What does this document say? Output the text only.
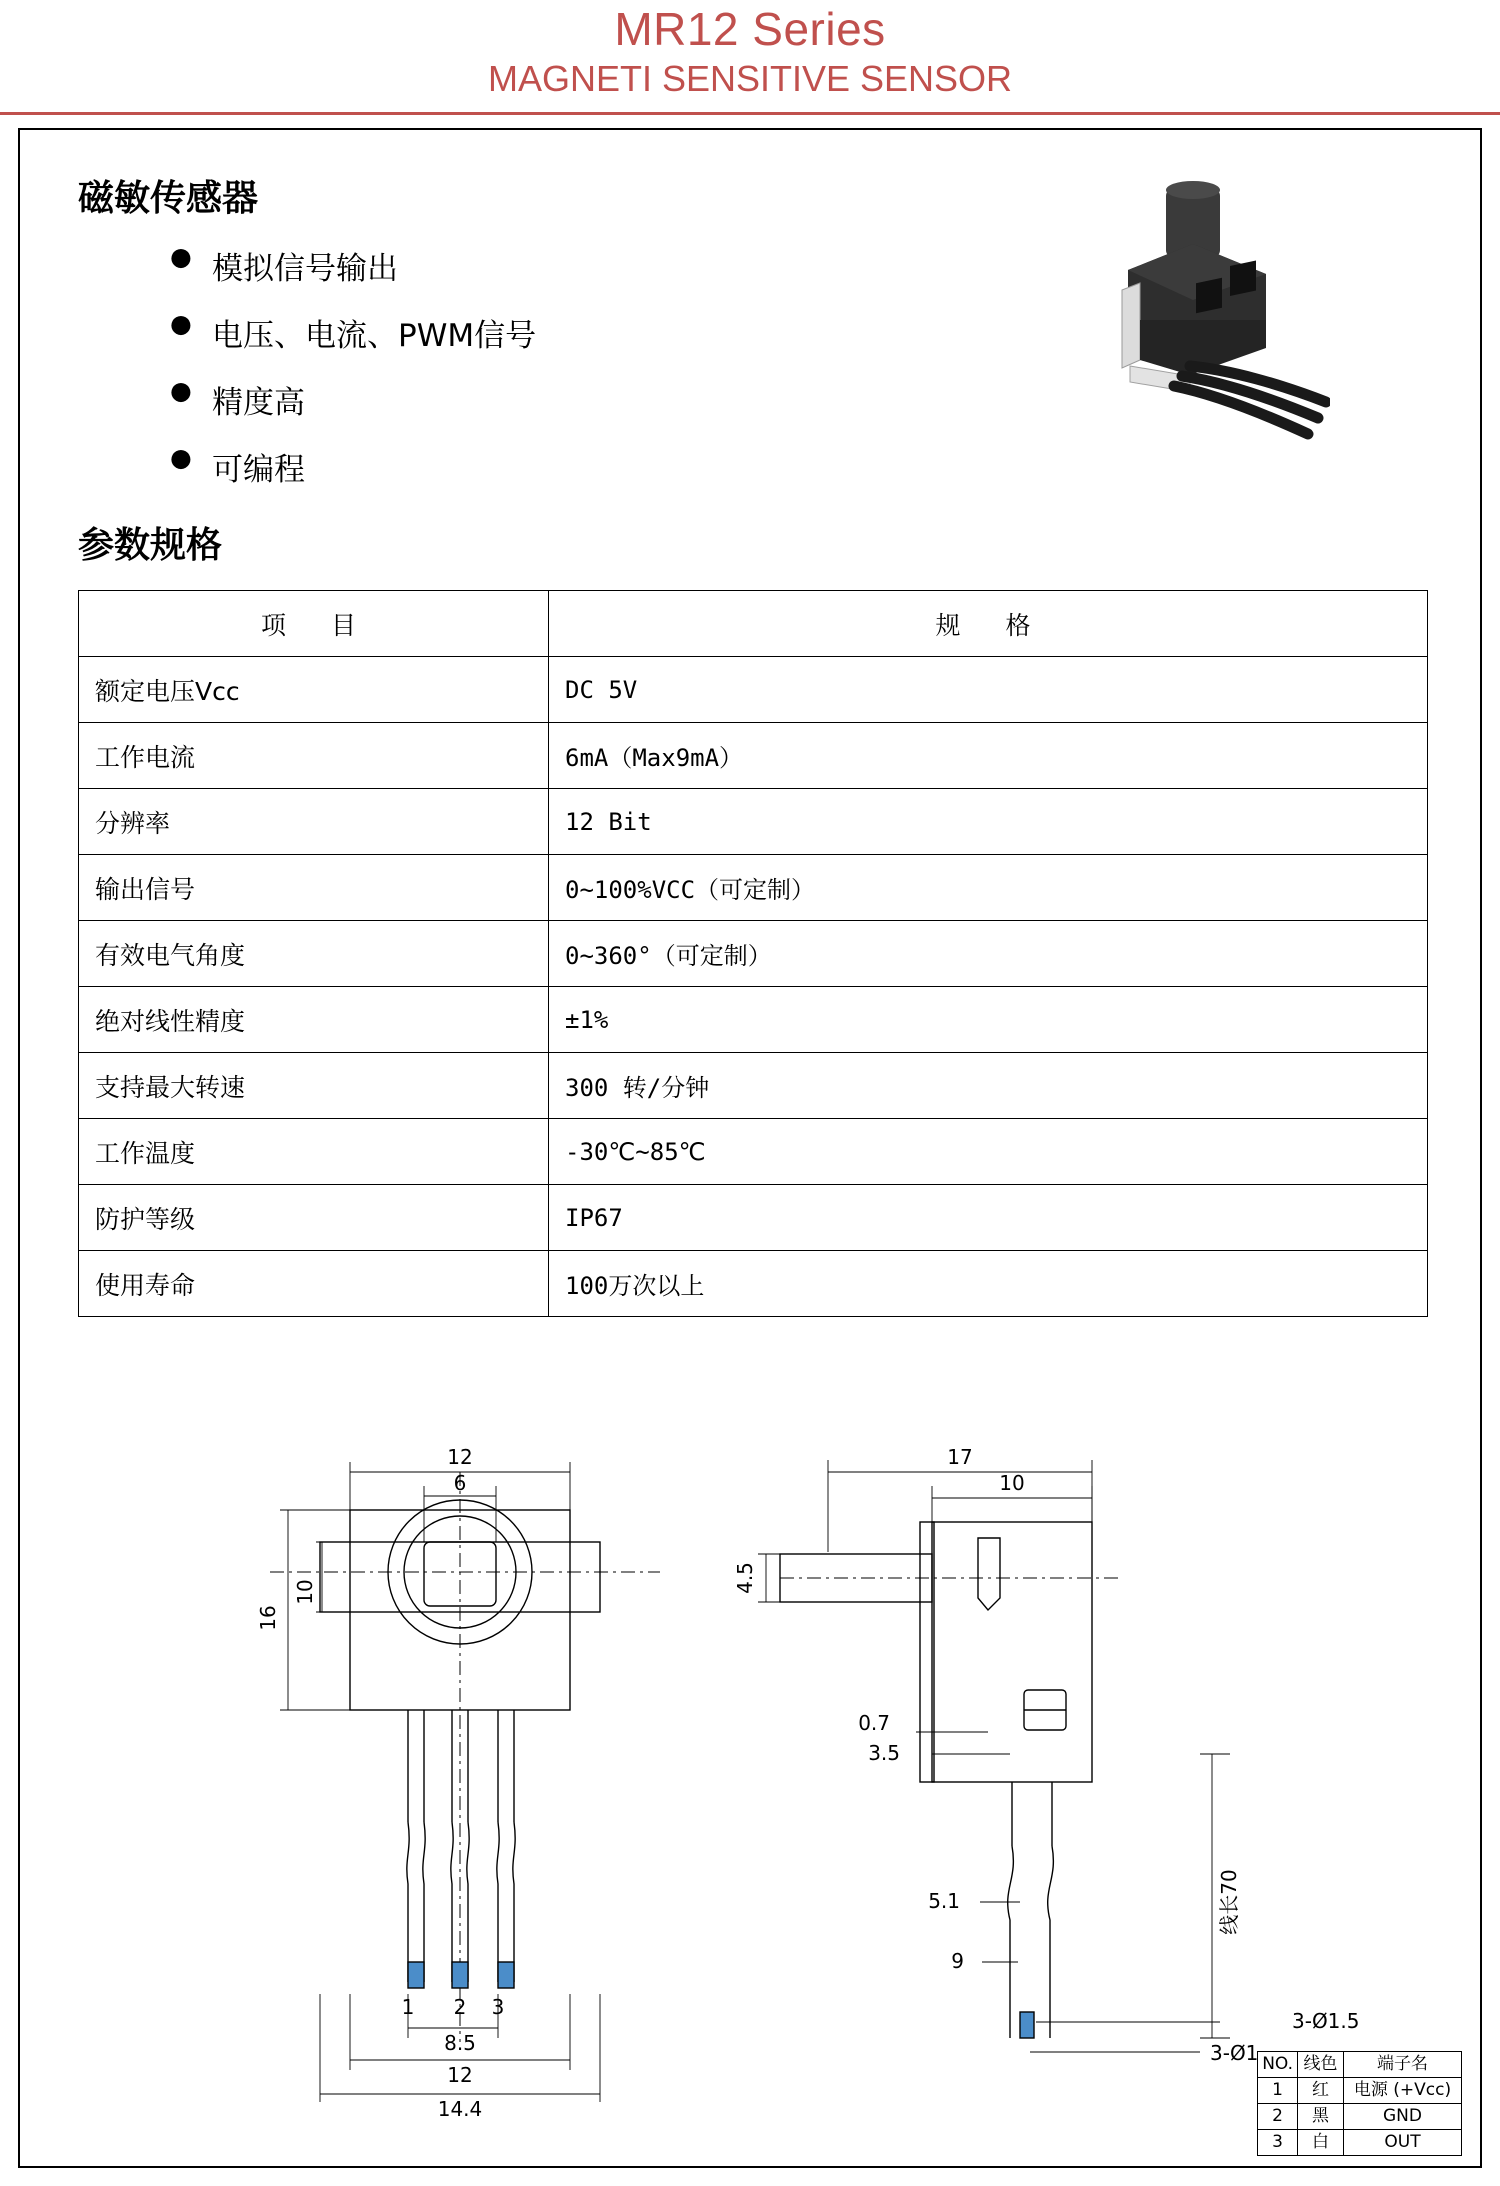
MR12 Series
MAGNETI SENSITIVE SENSOR
磁敏传感器
● 模拟信号输出
● 电压、电流、PWM信号
● 精度高
● 可编程
参数规格
项　目	规　格
额定电压Vcc	DC 5V
工作电流	6mA（Max9mA）
分辨率	12 Bit
输出信号	0~100%VCC（可定制）
有效电气角度	0~360°（可定制）
绝对线性精度	±1%
支持最大转速	300 转/分钟
工作温度	-30℃~85℃
防护等级	IP67
使用寿命	100万次以上
12
6
16
10
1 2 3
8.5
12
14.4
17
10
4.5
0.7
3.5
5.1
9
线长70
3-Ø1.5
3-Ø1 NO.	线色	端子名
1	红	电源 (+Vcc)
2	黑	GND
3	白	OUT
